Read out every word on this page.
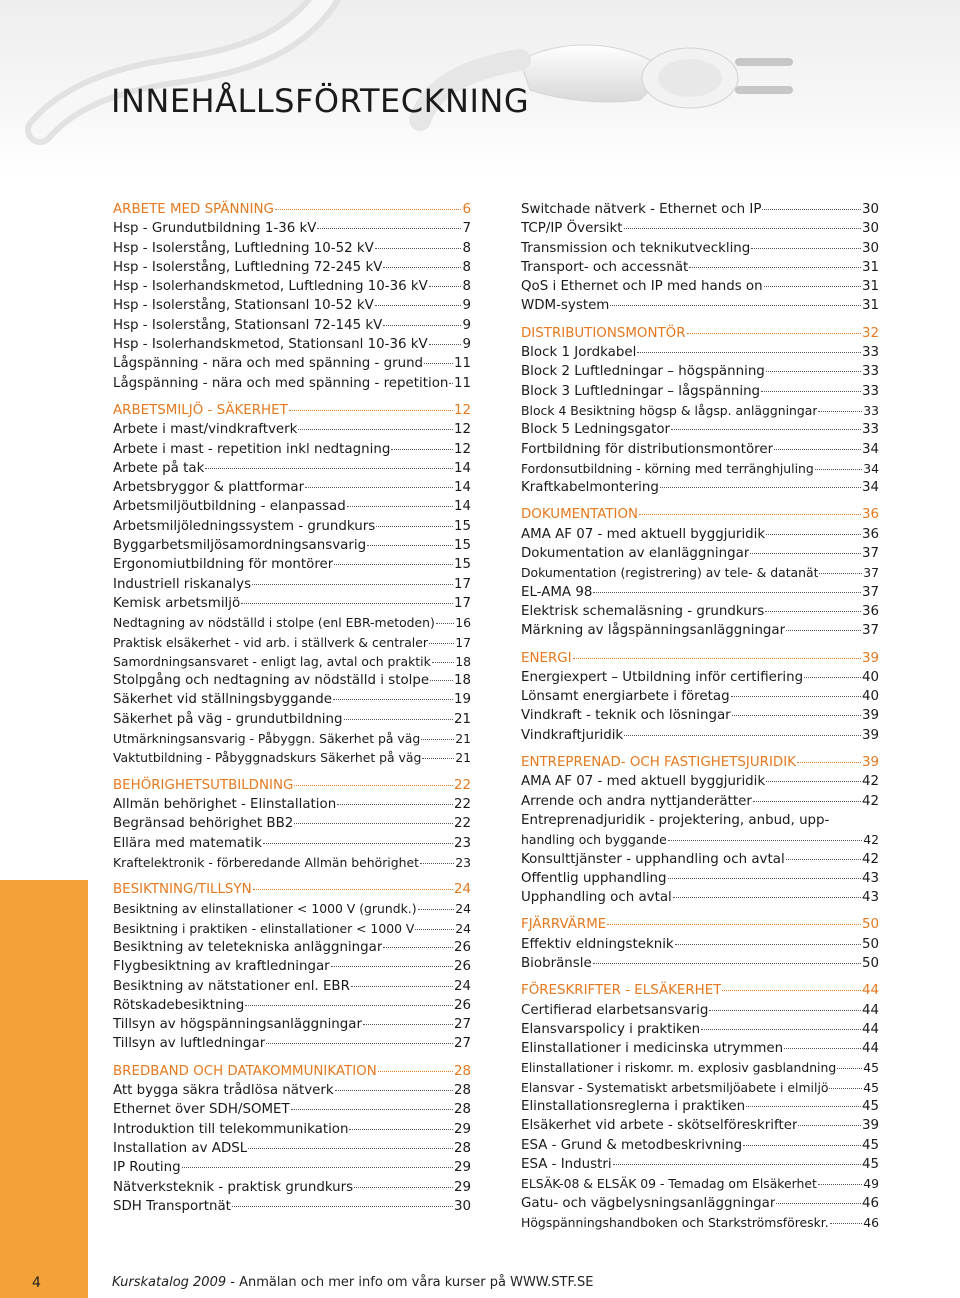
INNEHÅLLSFÖRTECKNING
ARBETE MED SPÄNNING	6
Hsp - Grundutbildning 1-36 kV	7
Hsp - Isolerstång, Luftledning 10-52 kV	8
Hsp - Isolerstång, Luftledning 72-245 kV	8
Hsp - Isolerhandskmetod, Luftledning 10-36 kV	8
Hsp - Isolerstång, Stationsanl 10-52 kV	9
Hsp - Isolerstång, Stationsanl 72-145 kV	9
Hsp - Isolerhandskmetod, Stationsanl 10-36 kV	9
Lågspänning - nära och med spänning - grund 11
Lågspänning - nära och med spänning - repetition 11
ARBETSMILJÖ - SÄKERHET	12
Arbete i mast/vindkraftverk	12
Arbete i mast - repetition inkl nedtagning	12
Arbete på tak	14
Arbetsbryggor & plattformar	14
Arbetsmiljöutbildning - elanpassad	14
Arbetsmiljöledningssystem - grundkurs	15
Byggarbetsmiljösamordningsansvarig	15
Ergonomiutbildning för montörer	15
Industriell riskanalys	17
Kemisk arbetsmiljö	17
Nedtagning av nödställd i stolpe (enl EBR-metoden) 16
Praktisk elsäkerhet - vid arb. i ställverk & centraler 17
Samordningsansvaret - enligt lag, avtal och praktik 18
Stolpgång och nedtagning av nödställd i stolpe 18
Säkerhet vid ställningsbyggande	19
Säkerhet på väg - grundutbildning	21
Utmärkningsansvarig - Påbyggn. Säkerhet på väg	21
Vaktutbildning - Påbyggnadskurs Säkerhet på väg	21
BEHÖRIGHETSUTBILDNING	22
Allmän behörighet - Elinstallation	22
Begränsad behörighet BB2	22
Ellära med matematik	23
Kraftelektronik - förberedande Allmän behörighet	23
BESIKTNING/TILLSYN	24
Besiktning av elinstallationer < 1000 V (grundk.)	24
Besiktning i praktiken - elinstallationer < 1000 V	24
Besiktning av teletekniska anläggningar	26
Flygbesiktning av kraftledningar	26
Besiktning av nätstationer enl. EBR	24
Rötskadebesiktning	26
Tillsyn av högspänningsanläggningar	27
Tillsyn av luftledningar	27
BREDBAND OCH DATAKOMMUNIKATION	28
Att bygga säkra trådlösa nätverk	28
Ethernet över SDH/SOMET	28
Introduktion till telekommunikation	29
Installation av ADSL	28
IP Routing	29
Nätverksteknik - praktisk grundkurs	29
SDH Transportnät	30
Switchade nätverk - Ethernet och IP	30
TCP/IP Översikt	30
Transmission och teknikutveckling	30
Transport- och accessnät	31
QoS i Ethernet och IP med hands on	31
WDM-system	31
DISTRIBUTIONSMONTÖR	32
Block 1 Jordkabel	33
Block 2 Luftledningar – högspänning	33
Block 3 Luftledningar – lågspänning	33
Block 4 Besiktning högsp & lågsp. anläggningar	33
Block 5 Ledningsgator	33
Fortbildning för distributionsmontörer	34
Fordonsutbildning - körning med terränghjuling	34
Kraftkabelmontering	34
DOKUMENTATION	36
AMA AF 07 - med aktuell byggjuridik	36
Dokumentation av elanläggningar	37
Dokumentation (registrering) av tele- & datanät	37
EL-AMA 98	37
Elektrisk schemaläsning - grundkurs	36
Märkning av lågspänningsanläggningar	37
ENERGI	39
Energiexpert – Utbildning inför certifiering	40
Lönsamt energiarbete i företag	40
Vindkraft - teknik och lösningar	39
Vindkraftjuridik	39
ENTREPRENAD- OCH FASTIGHETSJURIDIK	39
AMA AF 07 - med aktuell byggjuridik	42
Arrende och andra nyttjanderätter	42
Entreprenadjuridik - projektering, anbud, upp-
handling och byggande	42
Konsulttjänster - upphandling och avtal	42
Offentlig upphandling	43
Upphandling och avtal	43
FJÄRRVÄRME	50
Effektiv eldningsteknik	50
Biobränsle	50
FÖRESKRIFTER - ELSÄKERHET	44
Certifierad elarbetsansvarig	44
Elansvarspolicy i praktiken	44
Elinstallationer i medicinska utrymmen	44
Elinstallationer i riskomr. m. explosiv gasblandning 45
Elansvar - Systematiskt arbetsmiljöabete i elmiljö	45
Elinstallationsreglerna i praktiken	45
Elsäkerhet vid arbete - skötselföreskrifter	39
ESA - Grund & metodbeskrivning	45
ESA - Industri	45
ELSÄK-08 & ELSÄK 09 - Temadag om Elsäkerhet	49
Gatu- och vägbelysningsanläggningar	46
Högspänningshandboken och Starkströmsföreskr.	46
4	Kurskatalog 2009 - Anmälan och mer info om våra kurser på WWW.STF.SE
